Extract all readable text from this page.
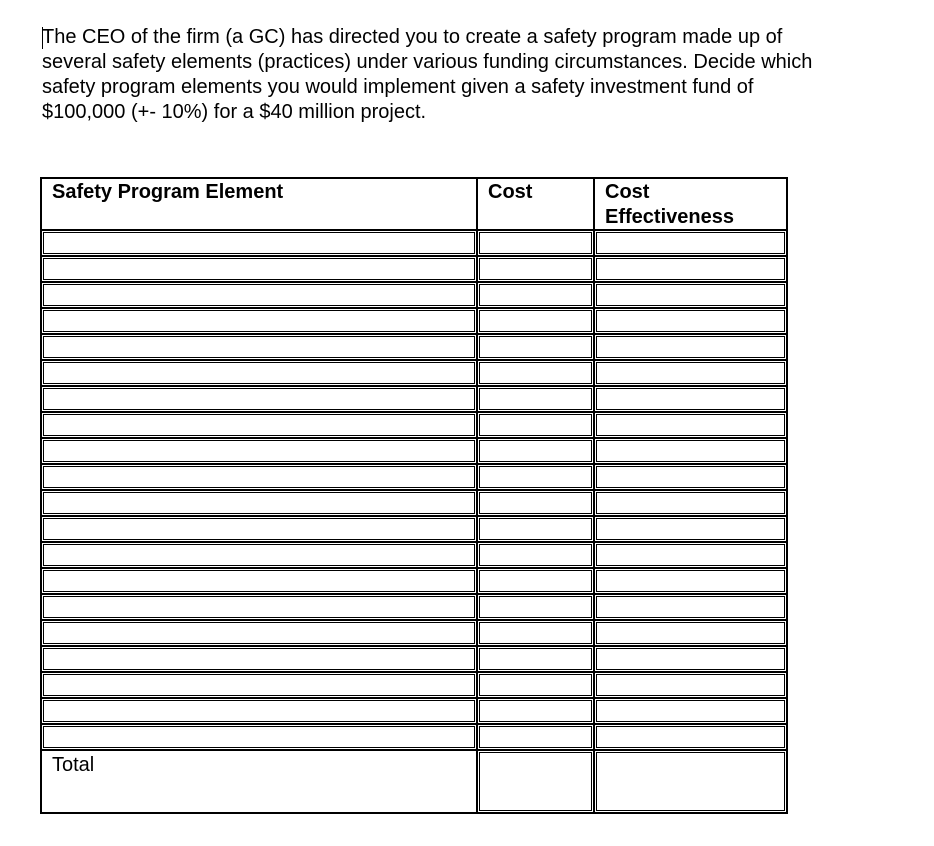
The CEO of the firm (a GC) has directed you to create a safety program made up of
several safety elements (practices) under various funding circumstances. Decide which
safety program elements you would implement given a safety investment fund of
$100,000 (+- 10%) for a $40 million project.
Safety Program Element	Cost	Cost
Effectiveness
Total
